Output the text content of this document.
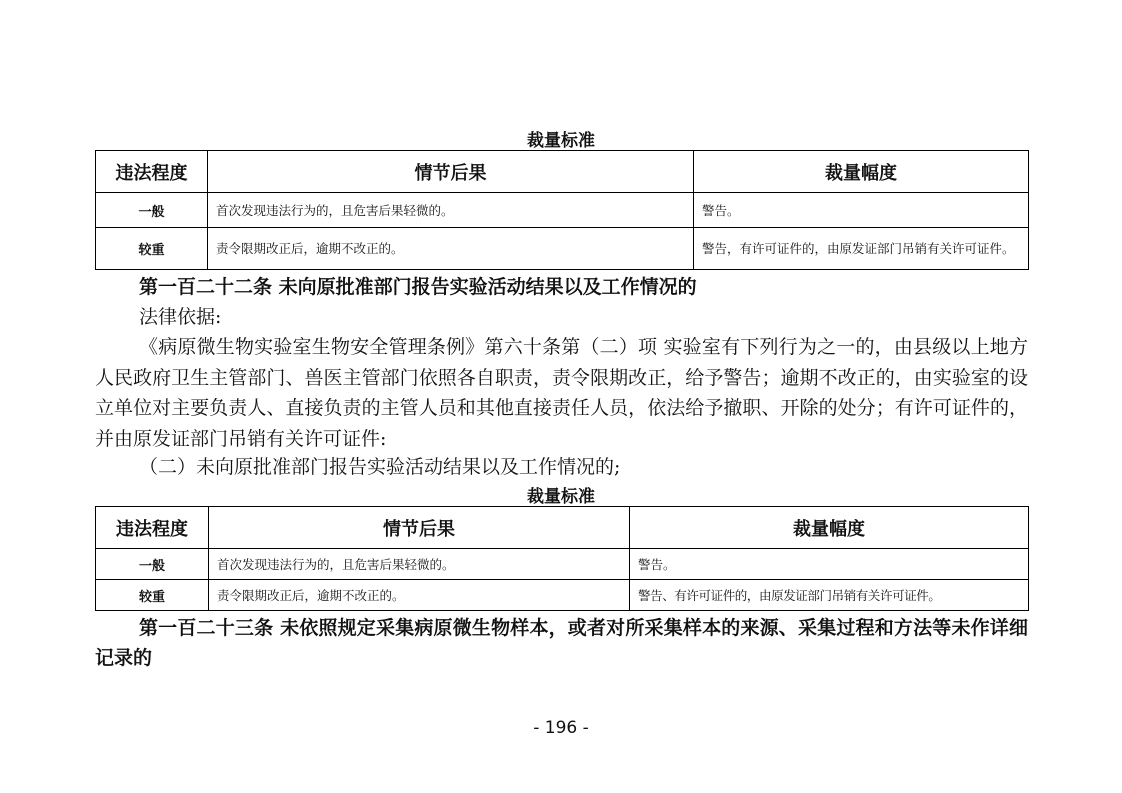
裁量标准
违法程度	情节后果	裁量幅度
一般	首次发现违法行为的，且危害后果轻微的。	警告。
较重	责令限期改正后，逾期不改正的。	警告，有许可证件的，由原发证部门吊销有关许可证件。
第一百二十二条 未向原批准部门报告实验活动结果以及工作情况的
法律依据:
《病原微生物实验室生物安全管理条例》第六十条第（二）项 实验室有下列行为之一的，由县级以上地方人民政府卫生主管部门、兽医主管部门依照各自职责，责令限期改正，给予警告；逾期不改正的，由实验室的设立单位对主要负责人、直接负责的主管人员和其他直接责任人员，依法给予撤职、开除的处分；有许可证件的，并由原发证部门吊销有关许可证件:
（二）未向原批准部门报告实验活动结果以及工作情况的;
裁量标准
违法程度	情节后果	裁量幅度
一般	首次发现违法行为的，且危害后果轻微的。	警告。
较重	责令限期改正后，逾期不改正的。	警告、有许可证件的，由原发证部门吊销有关许可证件。
第一百二十三条 未依照规定采集病原微生物样本，或者对所采集样本的来源、采集过程和方法等未作详细记录的
- 196 -
